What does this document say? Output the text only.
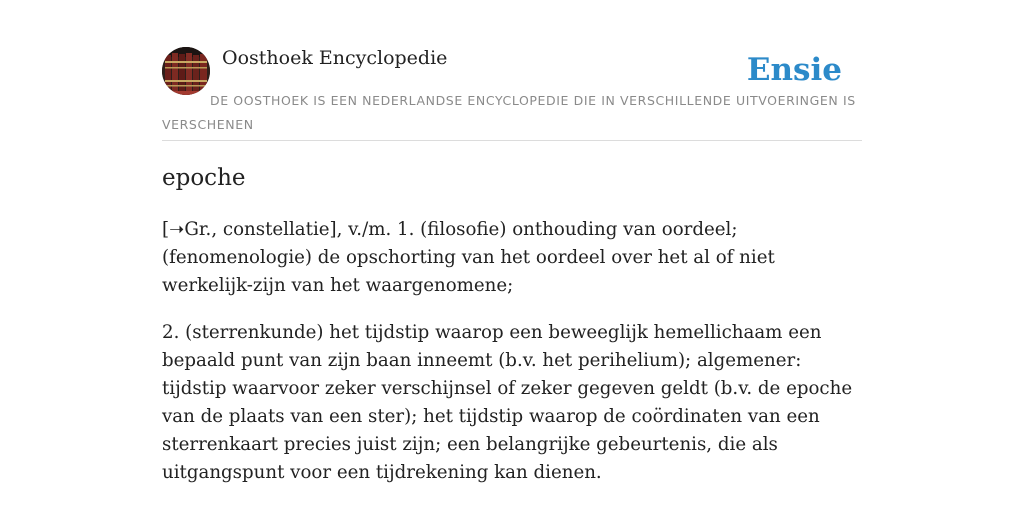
Oosthoek Encyclopedie	Ensie
DE OOSTHOEK IS EEN NEDERLANDSE ENCYCLOPEDIE DIE IN VERSCHILLENDE UITVOERINGEN IS VERSCHENEN
epoche

[➝Gr., constellatie], v./m. 1. (filosofie) onthouding van oordeel; (fenomenologie) de opschorting van het oordeel over het al of niet werkelijk-zijn van het waargenomene;

2. (sterrenkunde) het tijdstip waarop een beweeglijk hemellichaam een bepaald punt van zijn baan inneemt (b.v. het perihelium); algemener: tijdstip waarvoor zeker verschijnsel of zeker gegeven geldt (b.v. de epoche van de plaats van een ster); het tijdstip waarop de coördinaten van een sterrenkaart precies juist zijn; een belangrijke gebeurtenis, die als uitgangspunt voor een tijdrekening kan dienen.
